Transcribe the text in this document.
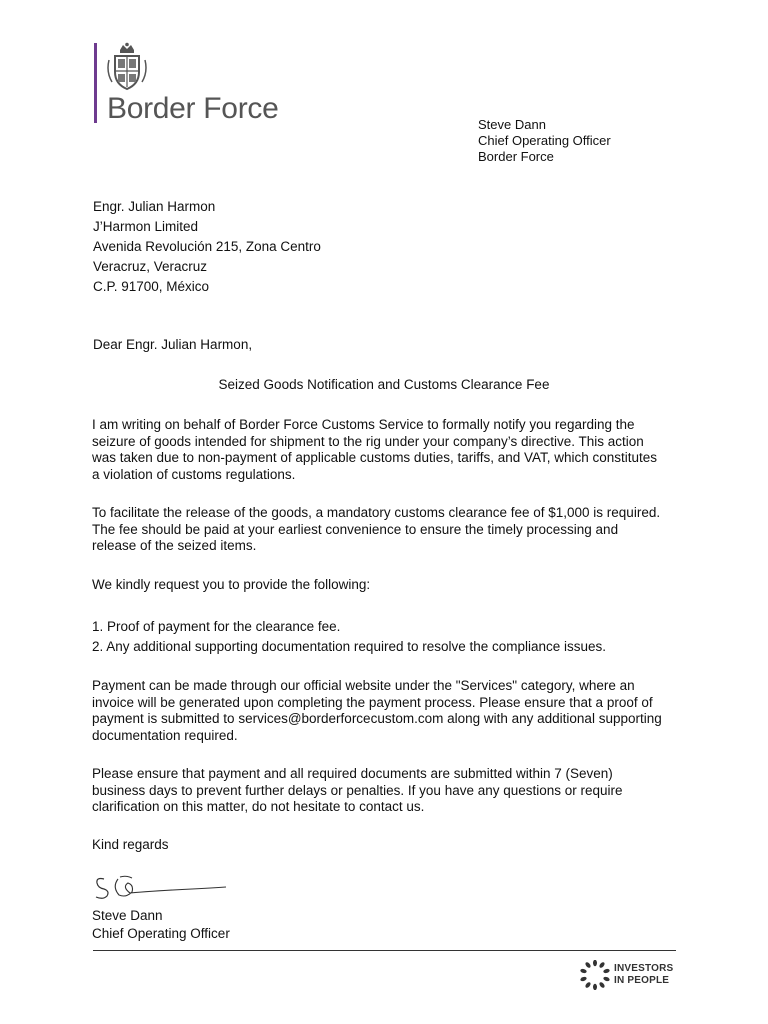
Border Force	Steve Dann
Chief Operating Officer
Border Force
Engr. Julian Harmon
J’Harmon Limited
Avenida Revolución 215, Zona Centro
Veracruz, Veracruz
C.P. 91700, México
Dear Engr. Julian Harmon,
Seized Goods Notification and Customs Clearance Fee
I am writing on behalf of Border Force Customs Service to formally notify you regarding the seizure of goods intended for shipment to the rig under your company’s directive. This action was taken due to non-payment of applicable customs duties, tariffs, and VAT, which constitutes a violation of customs regulations.
To facilitate the release of the goods, a mandatory customs clearance fee of $1,000 is required. The fee should be paid at your earliest convenience to ensure the timely processing and release of the seized items.
We kindly request you to provide the following:
1. Proof of payment for the clearance fee.
2. Any additional supporting documentation required to resolve the compliance issues.
Payment can be made through our official website under the "Services" category, where an invoice will be generated upon completing the payment process. Please ensure that a proof of payment is submitted to services@borderforcecustom.com along with any additional supporting documentation required.
Please ensure that payment and all required documents are submitted within 7 (Seven) business days to prevent further delays or penalties. If you have any questions or require clarification on this matter, do not hesitate to contact us.
Kind regards
Steve Dann
Chief Operating Officer
INVESTORS
IN PEOPLE
